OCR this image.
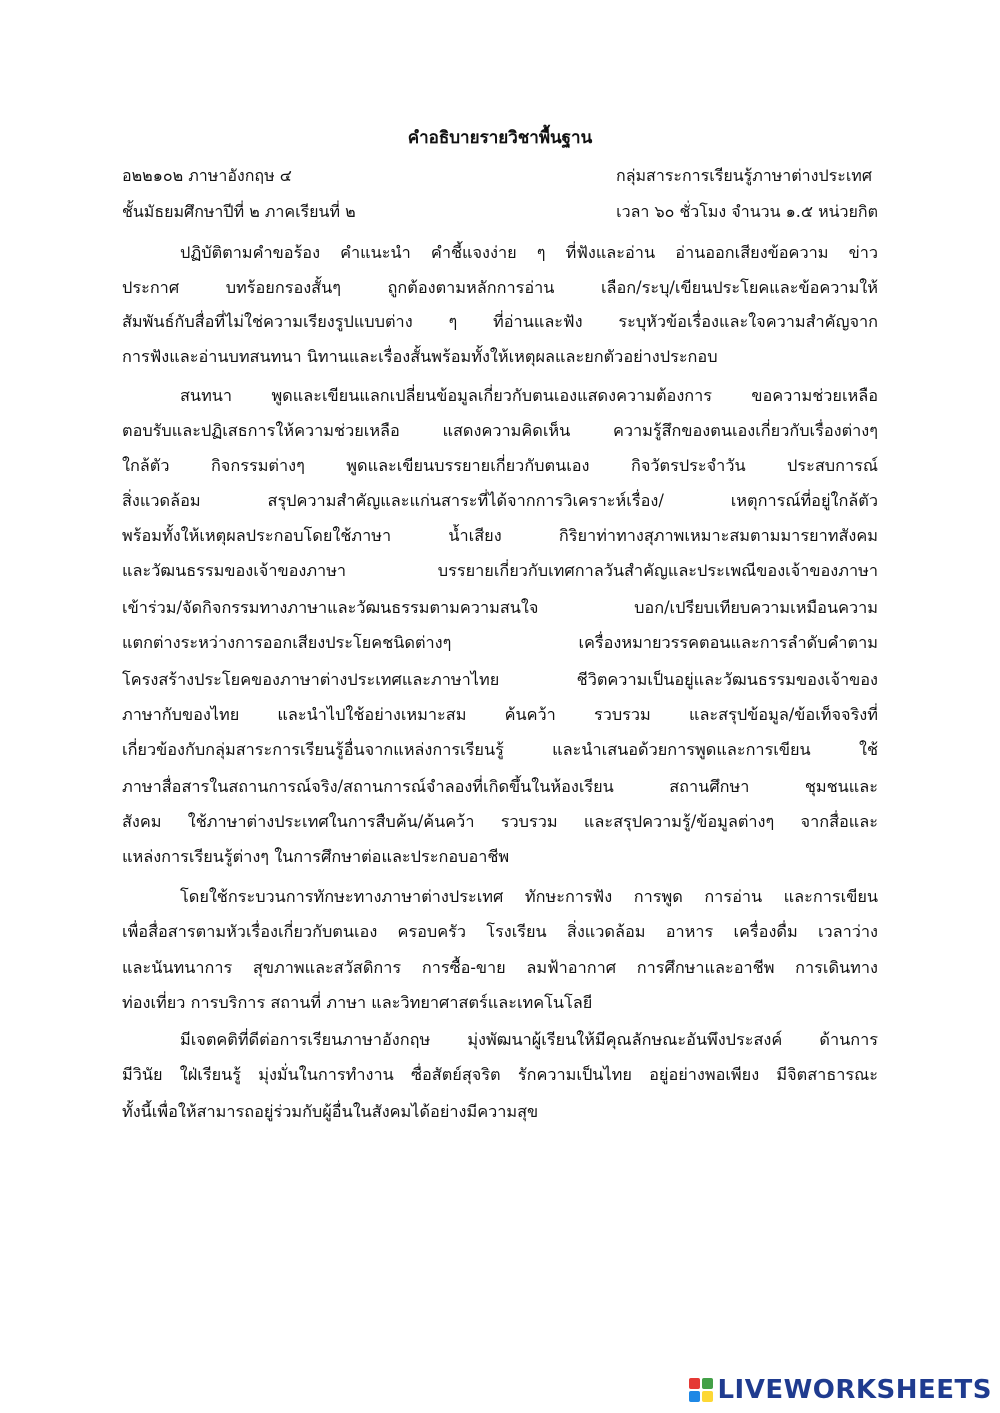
คำอธิบายรายวิชาพื้นฐาน
อ๒๒๑๐๒ ภาษาอังกฤษ ๔	กลุ่มสาระการเรียนรู้ภาษาต่างประเทศ
ชั้นมัธยมศึกษาปีที่ ๒ ภาคเรียนที่ ๒	เวลา ๖๐ ชั่วโมง จำนวน ๑.๕ หน่วยกิต
ปฏิบัติตามคำขอร้อง คำแนะนำ คำชี้แจงง่าย ๆ ที่ฟังและอ่าน อ่านออกเสียงข้อความ ข่าว
ประกาศ บทร้อยกรองสั้นๆ ถูกต้องตามหลักการอ่าน เลือก/ระบุ/เขียนประโยคและข้อความให้
สัมพันธ์กับสื่อที่ไม่ใช่ความเรียงรูปแบบต่าง ๆ ที่อ่านและฟัง ระบุหัวข้อเรื่องและใจความสำคัญจาก
การฟังและอ่านบทสนทนา นิทานและเรื่องสั้นพร้อมทั้งให้เหตุผลและยกตัวอย่างประกอบ
สนทนา พูดและเขียนแลกเปลี่ยนข้อมูลเกี่ยวกับตนเองแสดงความต้องการ ขอความช่วยเหลือ
ตอบรับและปฏิเสธการให้ความช่วยเหลือ แสดงความคิดเห็น ความรู้สึกของตนเองเกี่ยวกับเรื่องต่างๆ
ใกล้ตัว กิจกรรมต่างๆ พูดและเขียนบรรยายเกี่ยวกับตนเอง กิจวัตรประจำวัน ประสบการณ์
สิ่งแวดล้อม สรุปความสำคัญและแก่นสาระที่ได้จากการวิเคราะห์เรื่อง/ เหตุการณ์ที่อยู่ใกล้ตัว
พร้อมทั้งให้เหตุผลประกอบโดยใช้ภาษา น้ำเสียง กิริยาท่าทางสุภาพเหมาะสมตามมารยาทสังคม
และวัฒนธรรมของเจ้าของภาษา บรรยายเกี่ยวกับเทศกาลวันสำคัญและประเพณีของเจ้าของภาษา
เข้าร่วม/จัดกิจกรรมทางภาษาและวัฒนธรรมตามความสนใจ บอก/เปรียบเทียบความเหมือนความ
แตกต่างระหว่างการออกเสียงประโยคชนิดต่างๆ เครื่องหมายวรรคตอนและการลำดับคำตาม
โครงสร้างประโยคของภาษาต่างประเทศและภาษาไทย ชีวิตความเป็นอยู่และวัฒนธรรมของเจ้าของ
ภาษากับของไทย และนำไปใช้อย่างเหมาะสม ค้นคว้า รวบรวม และสรุปข้อมูล/ข้อเท็จจริงที่
เกี่ยวข้องกับกลุ่มสาระการเรียนรู้อื่นจากแหล่งการเรียนรู้ และนำเสนอด้วยการพูดและการเขียน ใช้
ภาษาสื่อสารในสถานการณ์จริง/สถานการณ์จำลองที่เกิดขึ้นในห้องเรียน สถานศึกษา ชุมชนและ
สังคม ใช้ภาษาต่างประเทศในการสืบค้น/ค้นคว้า รวบรวม และสรุปความรู้/ข้อมูลต่างๆ จากสื่อและ
แหล่งการเรียนรู้ต่างๆ ในการศึกษาต่อและประกอบอาชีพ
โดยใช้กระบวนการทักษะทางภาษาต่างประเทศ ทักษะการฟัง การพูด การอ่าน และการเขียน
เพื่อสื่อสารตามหัวเรื่องเกี่ยวกับตนเอง ครอบครัว โรงเรียน สิ่งแวดล้อม อาหาร เครื่องดื่ม เวลาว่าง
และนันทนาการ สุขภาพและสวัสดิการ การซื้อ-ขาย ลมฟ้าอากาศ การศึกษาและอาชีพ การเดินทาง
ท่องเที่ยว การบริการ สถานที่ ภาษา และวิทยาศาสตร์และเทคโนโลยี
มีเจตคติที่ดีต่อการเรียนภาษาอังกฤษ มุ่งพัฒนาผู้เรียนให้มีคุณลักษณะอันพึงประสงค์ ด้านการ
มีวินัย ใฝ่เรียนรู้ มุ่งมั่นในการทำงาน ซื่อสัตย์สุจริต รักความเป็นไทย อยู่อย่างพอเพียง มีจิตสาธารณะ
ทั้งนี้เพื่อให้สามารถอยู่ร่วมกับผู้อื่นในสังคมได้อย่างมีความสุข
LIVEWORKSHEETS
